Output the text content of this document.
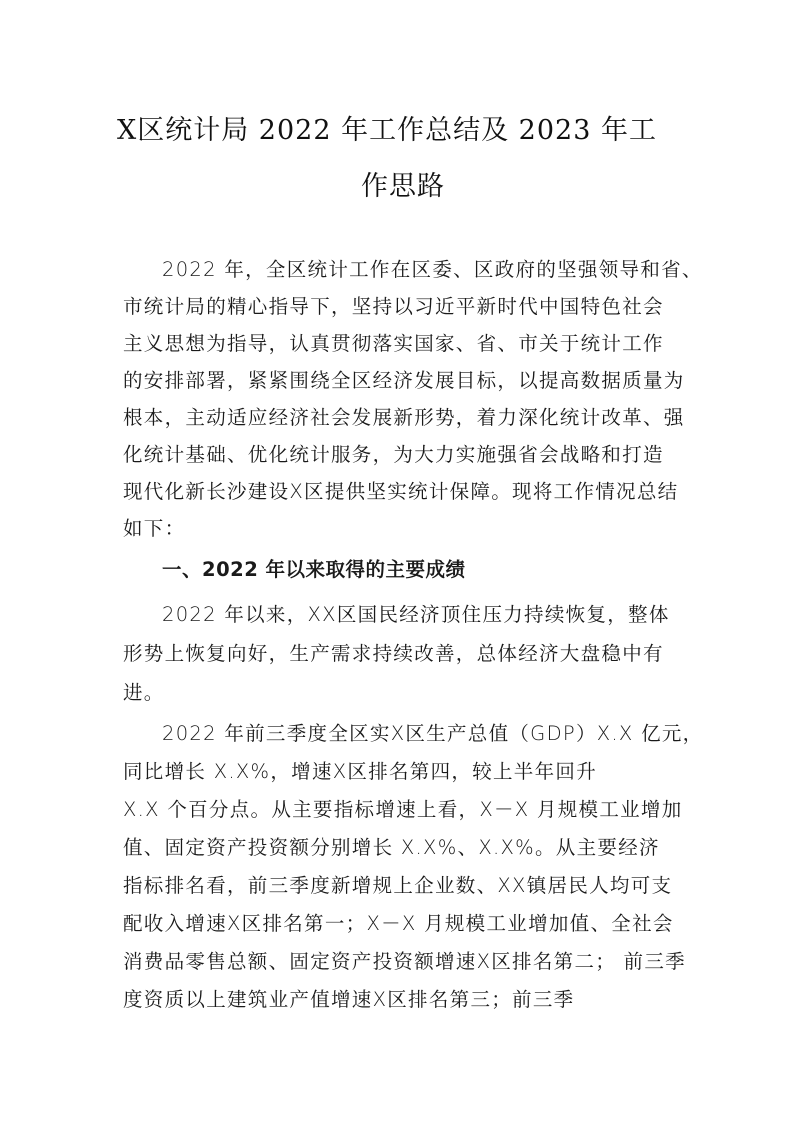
X区统计局 2022 年工作总结及 2023 年工
作思路
2022 年，全区统计工作在区委、区政府的坚强领导和省、
市统计局的精心指导下，坚持以习近平新时代中国特色社会
主义思想为指导，认真贯彻落实国家、省、市关于统计工作
的安排部署，紧紧围绕全区经济发展目标，以提高数据质量为
根本，主动适应经济社会发展新形势，着力深化统计改革、强
化统计基础、优化统计服务，为大力实施强省会战略和打造
现代化新长沙建设X区提供坚实统计保障。现将工作情况总结
如下：
一、2022 年以来取得的主要成绩
2022 年以来，XX区国民经济顶住压力持续恢复，整体
形势上恢复向好，生产需求持续改善，总体经济大盘稳中有
进。
2022 年前三季度全区实X区生产总值（GDP）X.X 亿元，
同比增长 X.X%，增速X区排名第四，较上半年回升
X.X 个百分点。从主要指标增速上看，X－X 月规模工业增加
值、固定资产投资额分别增长 X.X%、X.X%。从主要经济
指标排名看，前三季度新增规上企业数、XX镇居民人均可支
配收入增速X区排名第一；X－X 月规模工业增加值、全社会
消费品零售总额、固定资产投资额增速X区排名第二； 前三季
度资质以上建筑业产值增速X区排名第三；前三季
